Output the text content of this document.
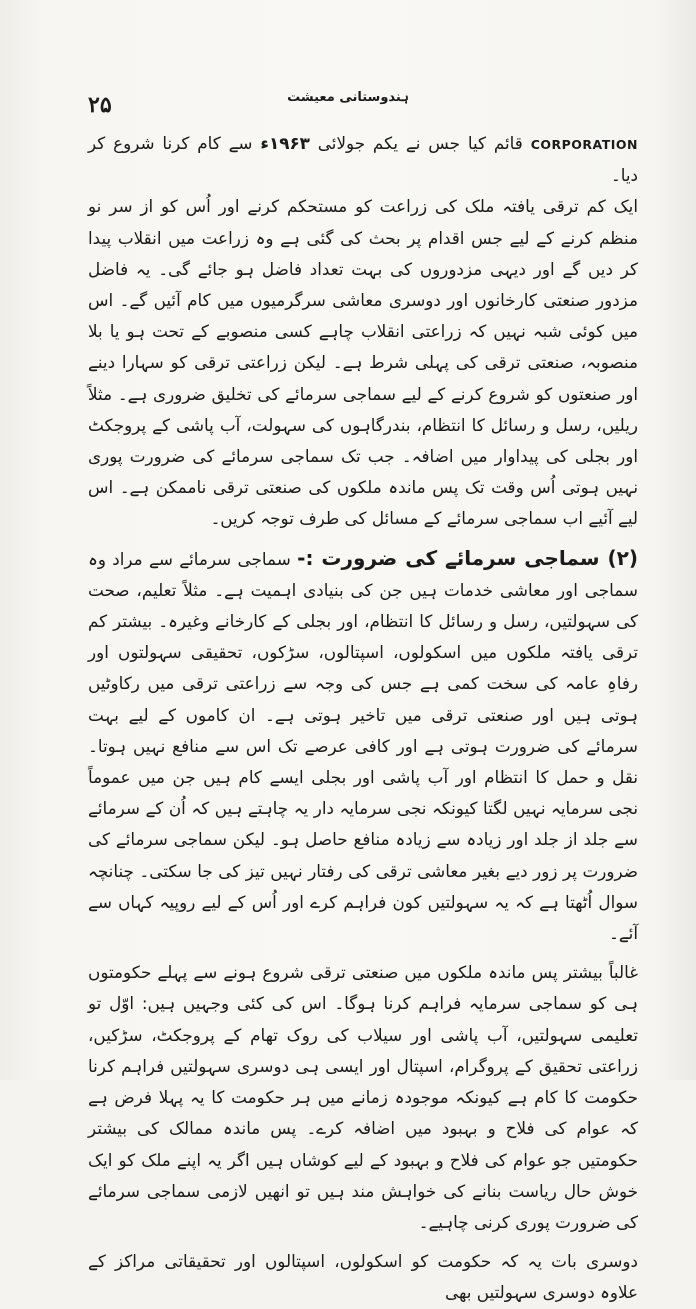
۲۵	ہندوستانی معیشت

CORPORATION قائم کیا جس نے یکم جولائی ۱۹۶۳ء سے کام کرنا شروع کر دیا۔

ایک کم ترقی یافتہ ملک کی زراعت کو مستحکم کرنے اور اُس کو از سر نو منظم کرنے کے لیے جس اقدام پر بحث کی گئی ہے وہ زراعت میں انقلاب پیدا کر دیں گے اور دیہی مزدوروں کی بہت تعداد فاضل ہو جائے گی۔ یہ فاضل مزدور صنعتی کارخانوں اور دوسری معاشی سرگرمیوں میں کام آئیں گے۔ اس میں کوئی شبہ نہیں کہ زراعتی انقلاب چاہے کسی منصوبے کے تحت ہو یا بلا منصوبہ، صنعتی ترقی کی پہلی شرط ہے۔ لیکن زراعتی ترقی کو سہارا دینے اور صنعتوں کو شروع کرنے کے لیے سماجی سرمائے کی تخلیق ضروری ہے۔ مثلاً ریلیں، رسل و رسائل کا انتظام، بندرگاہوں کی سہولت، آب پاشی کے پروجکٹ اور بجلی کی پیداوار میں اضافہ۔ جب تک سماجی سرمائے کی ضرورت پوری نہیں ہوتی اُس وقت تک پس ماندہ ملکوں کی صنعتی ترقی ناممکن ہے۔ اس لیے آئیے اب سماجی سرمائے کے مسائل کی طرف توجہ کریں۔

(۲) سماجی سرمائے کی ضرورت :- سماجی سرمائے سے مراد وہ سماجی اور معاشی خدمات ہیں جن کی بنیادی اہمیت ہے۔ مثلاً تعلیم، صحت کی سہولتیں، رسل و رسائل کا انتظام، اور بجلی کے کارخانے وغیرہ۔ بیشتر کم ترقی یافتہ ملکوں میں اسکولوں، اسپتالوں، سڑکوں، تحقیقی سہولتوں اور رفاہِ عامہ کی سخت کمی ہے جس کی وجہ سے زراعتی ترقی میں رکاوٹیں ہوتی ہیں اور صنعتی ترقی میں تاخیر ہوتی ہے۔ ان کاموں کے لیے بہت سرمائے کی ضرورت ہوتی ہے اور کافی عرصے تک اس سے منافع نہیں ہوتا۔ نقل و حمل کا انتظام اور آب پاشی اور بجلی ایسے کام ہیں جن میں عموماً نجی سرمایہ نہیں لگتا کیونکہ نجی سرمایہ دار یہ چاہتے ہیں کہ اُن کے سرمائے سے جلد از جلد اور زیادہ سے زیادہ منافع حاصل ہو۔ لیکن سماجی سرمائے کی ضرورت پر زور دیے بغیر معاشی ترقی کی رفتار نہیں تیز کی جا سکتی۔ چنانچہ سوال اُٹھتا ہے کہ یہ سہولتیں کون فراہم کرے اور اُس کے لیے روپیہ کہاں سے آئے۔

غالباً بیشتر پس ماندہ ملکوں میں صنعتی ترقی شروع ہونے سے پہلے حکومتوں ہی کو سماجی سرمایہ فراہم کرنا ہوگا۔ اس کی کئی وجہیں ہیں: اوّل تو تعلیمی سہولتیں، آب پاشی اور سیلاب کی روک تھام کے پروجکٹ، سڑکیں، زراعتی تحقیق کے پروگرام، اسپتال اور ایسی ہی دوسری سہولتیں فراہم کرنا حکومت کا کام ہے کیونکہ موجودہ زمانے میں ہر حکومت کا یہ پہلا فرض ہے کہ عوام کی فلاح و بہبود میں اضافہ کرے۔ پس ماندہ ممالک کی بیشتر حکومتیں جو عوام کی فلاح و بہبود کے لیے کوشاں ہیں اگر یہ اپنے ملک کو ایک خوش حال ریاست بنانے کی خواہش مند ہیں تو انھیں لازمی سماجی سرمائے کی ضرورت پوری کرنی چاہیے۔

دوسری بات یہ کہ حکومت کو اسکولوں، اسپتالوں اور تحقیقاتی مراکز کے علاوہ دوسری سہولتیں بھی
